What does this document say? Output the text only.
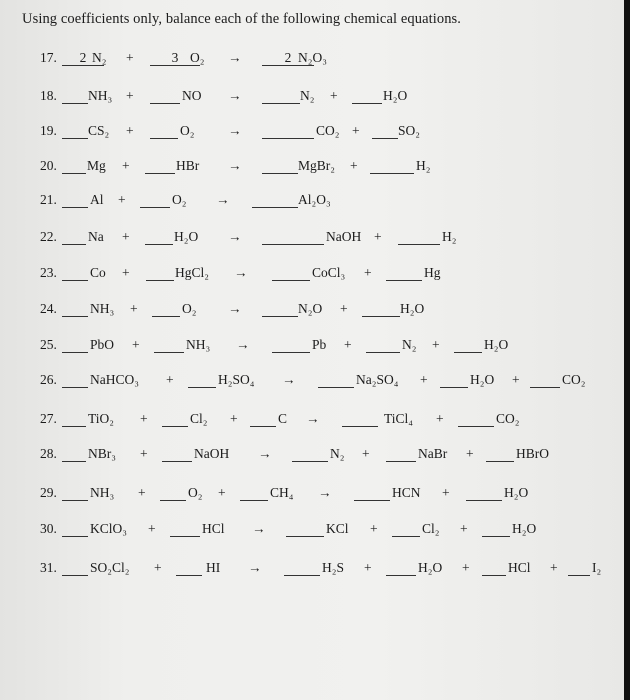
Using coefficients only, balance each of the following chemical equations.
17.	2 N₂ +	3 O₂ →	2 N₂O₃
18. NH₃ +	NO →	N₂ +	H₂O
19. CS₂ +	O₂ →	CO₂ +	SO₂
20. Mg +	HBr →	MgBr₂ +	H₂
21. Al +	O₂ →	Al₂O₃
22. Na +	H₂O →	NaOH +	H₂
23. Co +	HgCl₂ →	CoCl₃ +	Hg
24. NH₃ +	O₂ →	N₂O +	H₂O
25. PbO +	NH₃ →	Pb +	N₂ +	H₂O
26. NaHCO₃ +	H₂SO₄ →	Na₂SO₄ +	H₂O +	CO₂
27. TiO₂ +	Cl₂ +	C →	TiCl₄ +	CO₂
28. NBr₃ +	NaOH →	N₂ +	NaBr +	HBrO
29. NH₃ +	O₂ +	CH₄ →	HCN +	H₂O
30. KClO₃ +	HCl →	KCl +	Cl₂ +	H₂O
31. SO₂Cl₂ +	HI →	H₂S +	H₂O +	HCl +	I₂
